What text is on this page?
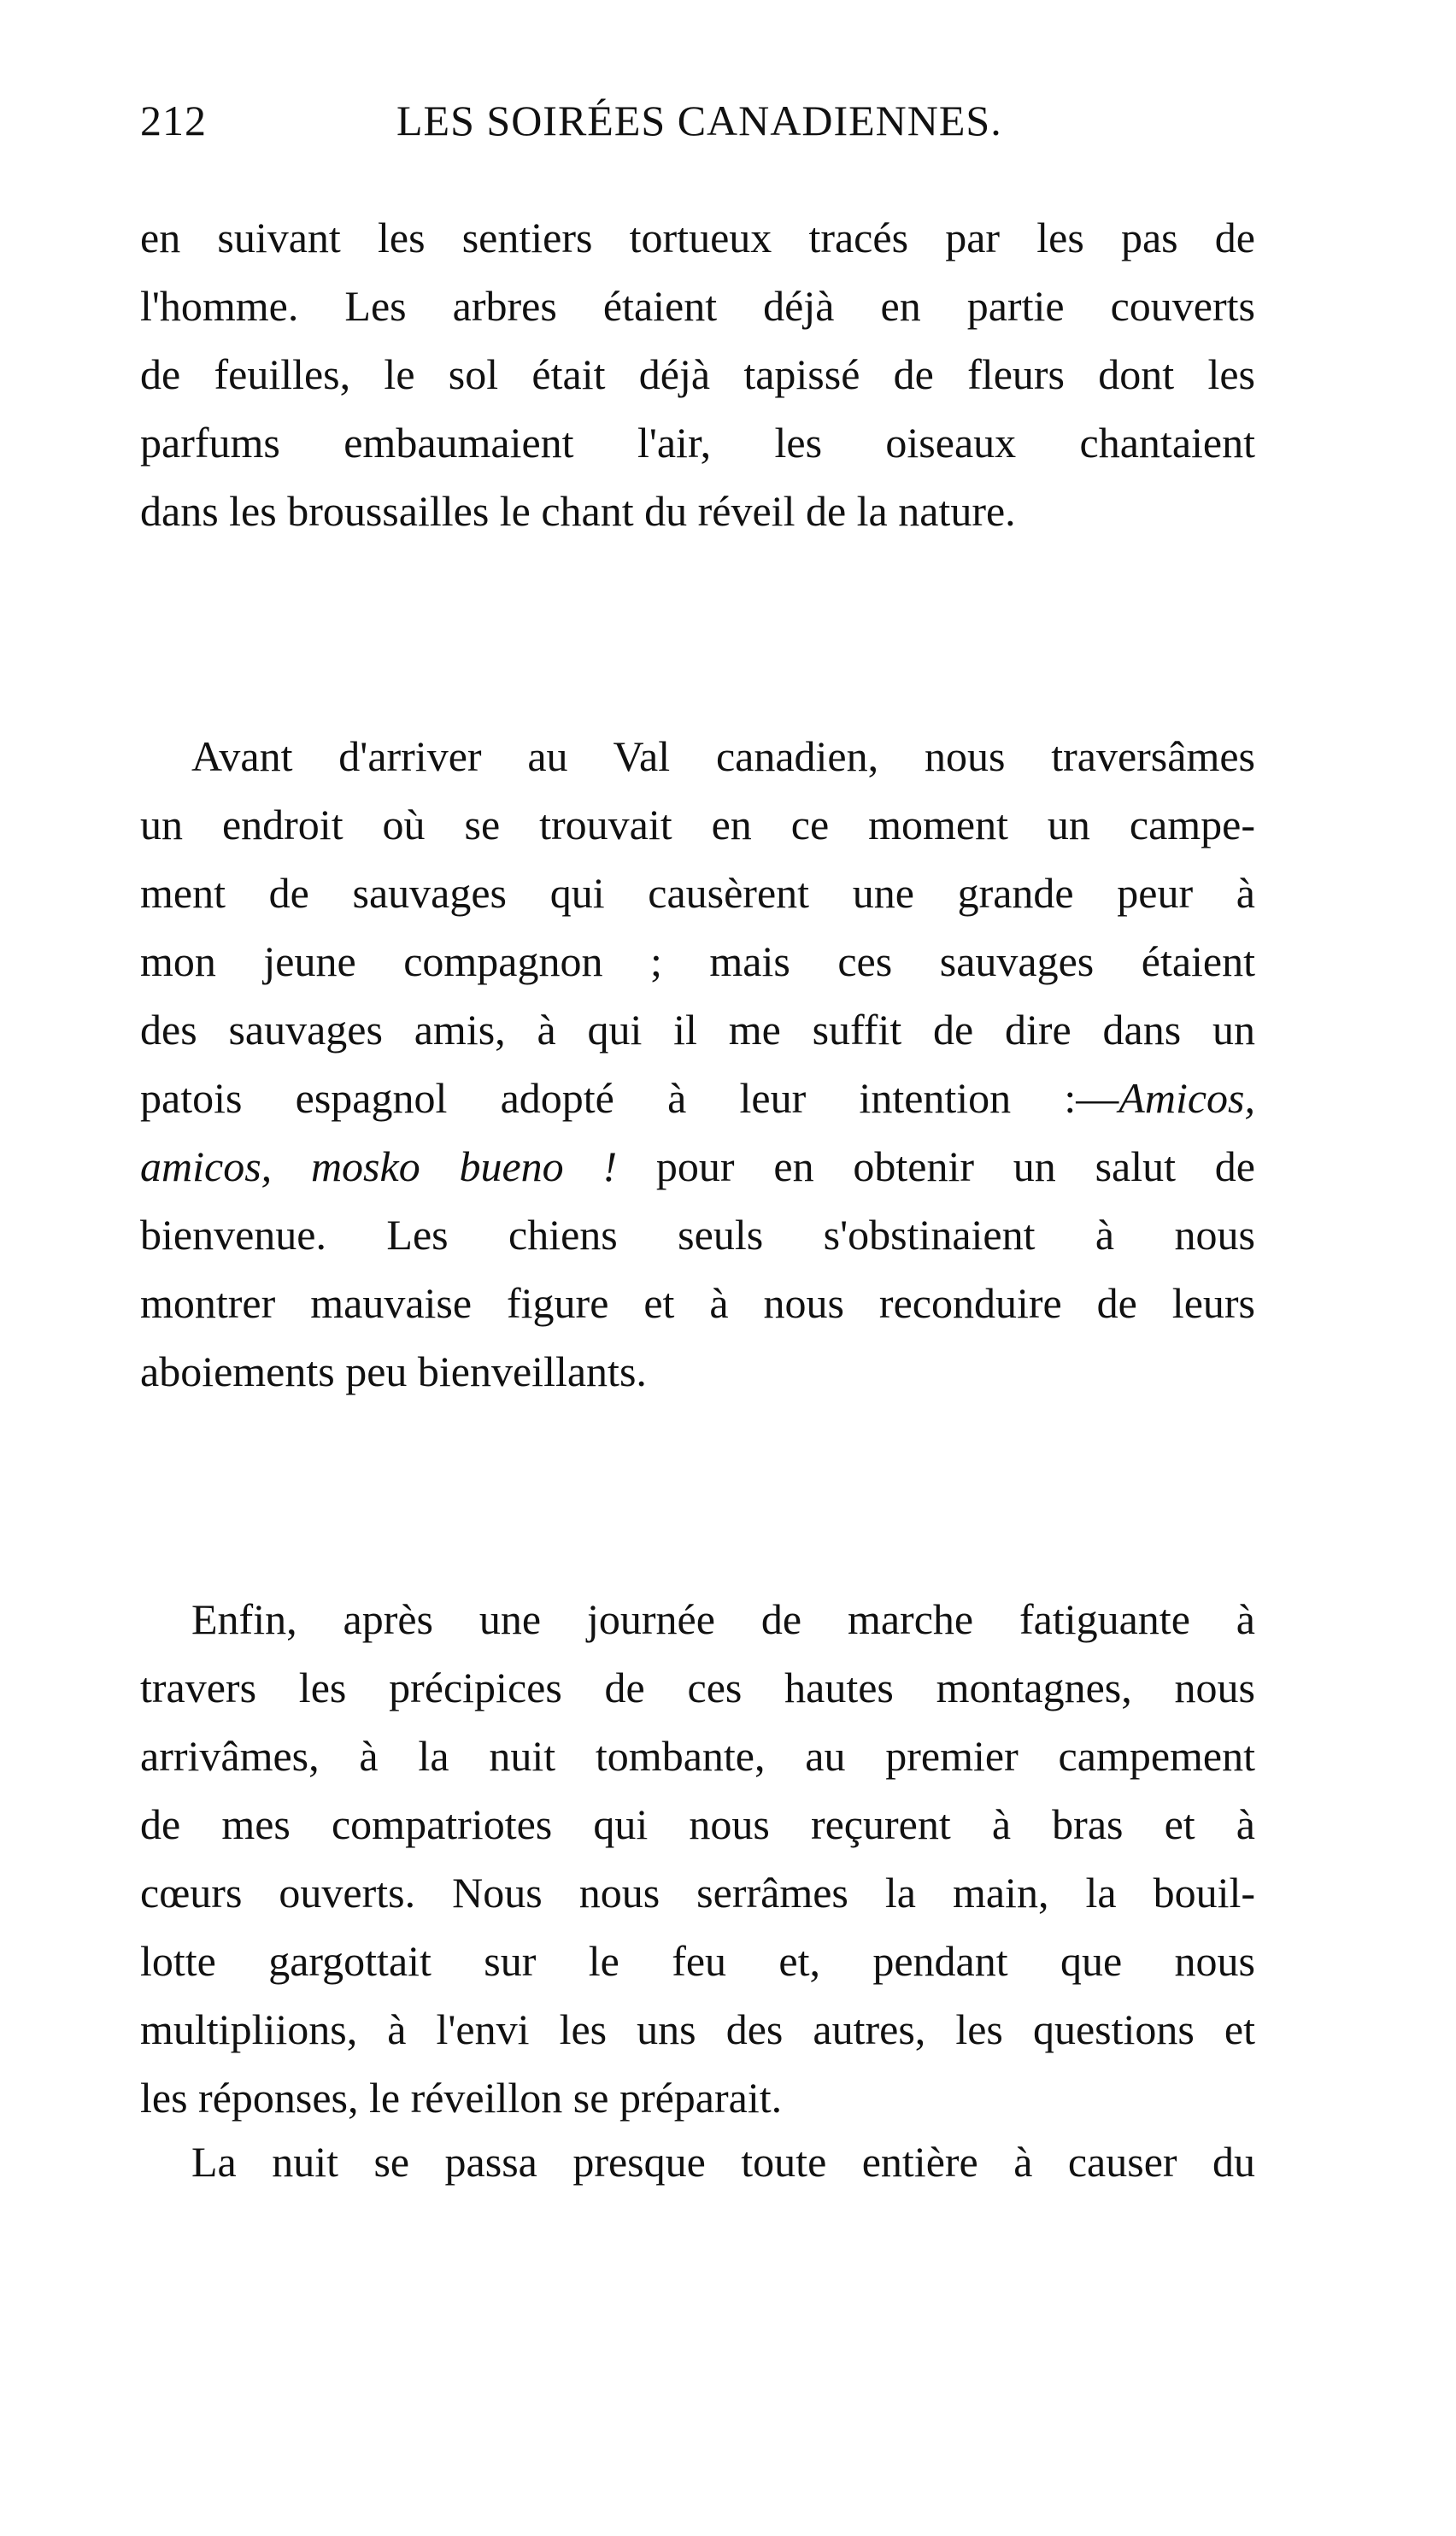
212	LES SOIRÉES CANADIENNES.
en suivant les sentiers tortueux tracés par les pas de
l'homme. Les arbres étaient déjà en partie couverts
de feuilles, le sol était déjà tapissé de fleurs dont les
parfums embaumaient l'air, les oiseaux chantaient
dans les broussailles le chant du réveil de la nature.
Avant d'arriver au Val canadien, nous traversâmes
un endroit où se trouvait en ce moment un campe-
ment de sauvages qui causèrent une grande peur à
mon jeune compagnon ; mais ces sauvages étaient
des sauvages amis, à qui il me suffit de dire dans un
patois espagnol adopté à leur intention :—Amicos,
amicos, mosko bueno ! pour en obtenir un salut de
bienvenue. Les chiens seuls s'obstinaient à nous
montrer mauvaise figure et à nous reconduire de leurs
aboiements peu bienveillants.
Enfin, après une journée de marche fatiguante à
travers les précipices de ces hautes montagnes, nous
arrivâmes, à la nuit tombante, au premier campement
de mes compatriotes qui nous reçurent à bras et à
cœurs ouverts. Nous nous serrâmes la main, la bouil-
lotte gargottait sur le feu et, pendant que nous
multipliions, à l'envi les uns des autres, les questions et
les réponses, le réveillon se préparait.
La nuit se passa presque toute entière à causer du
